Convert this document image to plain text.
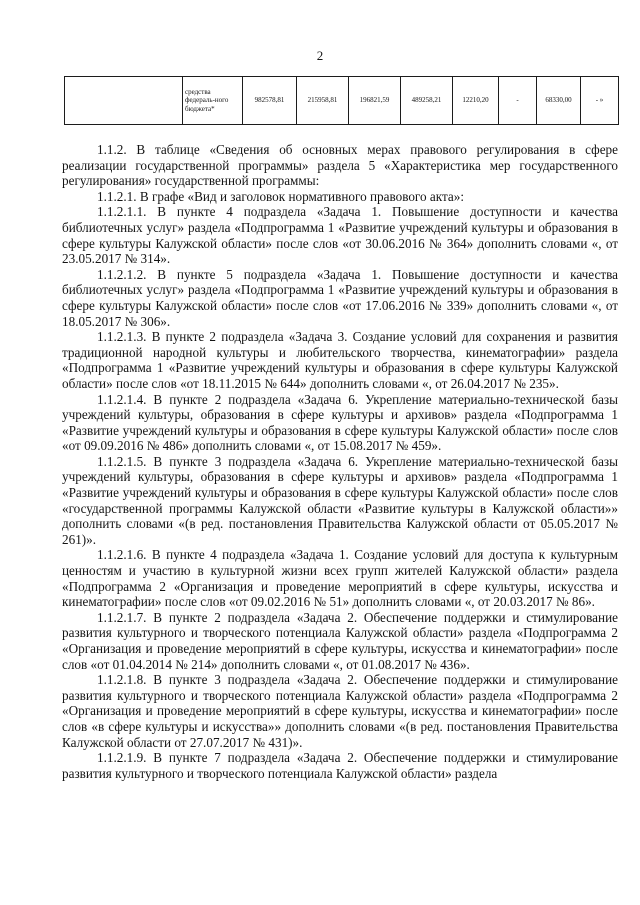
2
	средства федераль-ного бюджета*	982578,81	215958,81	196821,59	489258,21	12210,20	-	68330,00	- »

1.1.2. В таблице «Сведения об основных мерах правового регулирования в сфере реализации государственной программы» раздела 5 «Характеристика мер государственного регулирования» государственной программы:

1.1.2.1. В графе «Вид и заголовок нормативного правового акта»:

1.1.2.1.1. В пункте 4 подраздела «Задача 1. Повышение доступности и качества библиотечных услуг» раздела «Подпрограмма 1 «Развитие учреждений культуры и образования в сфере культуры Калужской области» после слов «от 30.06.2016 № 364» дополнить словами «, от 23.05.2017 № 314».

1.1.2.1.2. В пункте 5 подраздела «Задача 1. Повышение доступности и качества библиотечных услуг» раздела «Подпрограмма 1 «Развитие учреждений культуры и образования в сфере культуры Калужской области» после слов «от 17.06.2016 № 339» дополнить словами «, от 18.05.2017 № 306».

1.1.2.1.3. В пункте 2 подраздела «Задача 3. Создание условий для сохранения и развития традиционной народной культуры и любительского творчества, кинематографии» раздела «Подпрограмма 1 «Развитие учреждений культуры и образования в сфере культуры Калужской области» после слов «от 18.11.2015 № 644» дополнить словами «, от 26.04.2017 № 235».

1.1.2.1.4. В пункте 2 подраздела «Задача 6. Укрепление материально-технической базы учреждений культуры, образования в сфере культуры и архивов» раздела «Подпрограмма 1 «Развитие учреждений культуры и образования в сфере культуры Калужской области» после слов «от 09.09.2016 № 486» дополнить словами «, от 15.08.2017 № 459».

1.1.2.1.5. В пункте 3 подраздела «Задача 6. Укрепление материально-технической базы учреждений культуры, образования в сфере культуры и архивов» раздела «Подпрограмма 1 «Развитие учреждений культуры и образования в сфере культуры Калужской области» после слов «государственной программы Калужской области «Развитие культуры в Калужской области»» дополнить словами «(в ред. постановления Правительства Калужской области от 05.05.2017 № 261)».

1.1.2.1.6. В пункте 4 подраздела «Задача 1. Создание условий для доступа к культурным ценностям и участию в культурной жизни всех групп жителей Калужской области» раздела «Подпрограмма 2 «Организация и проведение мероприятий в сфере культуры, искусства и кинематографии» после слов «от 09.02.2016 № 51» дополнить словами «, от 20.03.2017 № 86».

1.1.2.1.7. В пункте 2 подраздела «Задача 2. Обеспечение поддержки и стимулирование развития культурного и творческого потенциала Калужской области» раздела «Подпрограмма 2 «Организация и проведение мероприятий в сфере культуры, искусства и кинематографии» после слов «от 01.04.2014 № 214» дополнить словами «, от 01.08.2017 № 436».

1.1.2.1.8. В пункте 3 подраздела «Задача 2. Обеспечение поддержки и стимулирование развития культурного и творческого потенциала Калужской области» раздела «Подпрограмма 2 «Организация и проведение мероприятий в сфере культуры, искусства и кинематографии» после слов «в сфере культуры и искусства»» дополнить словами «(в ред. постановления Правительства Калужской области от 27.07.2017 № 431)».

1.1.2.1.9. В пункте 7 подраздела «Задача 2. Обеспечение поддержки и стимулирование развития культурного и творческого потенциала Калужской области» раздела
